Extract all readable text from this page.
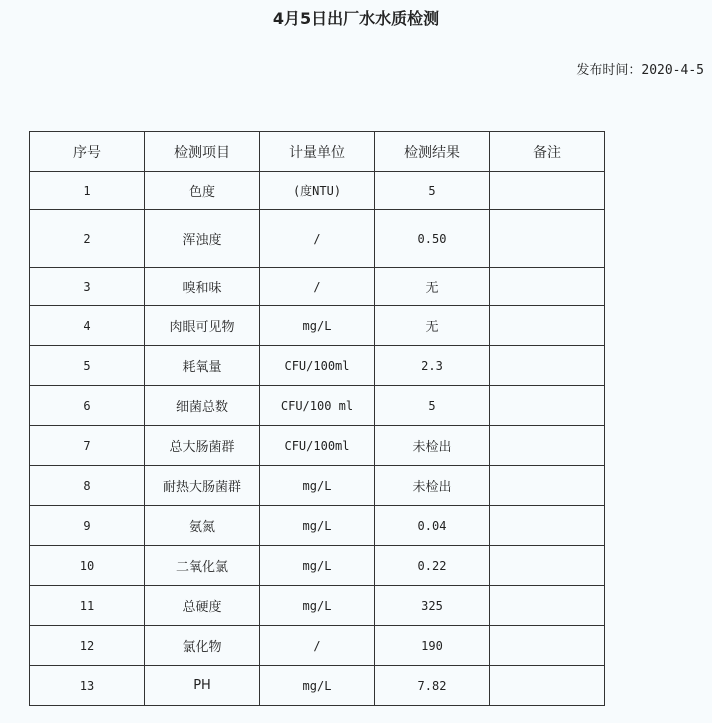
4月5日出厂水水质检测
发布时间：2020-4-5
序号	检测项目	计量单位	检测结果	备注
1	色度	(度NTU)	5	
2	浑浊度	/	0.50	
3	嗅和味	/	无	
4	肉眼可见物	mg/L	无	
5	耗氧量	CFU/100ml	2.3	
6	细菌总数	CFU/100 ml	5	
7	总大肠菌群	CFU/100ml	未检出	
8	耐热大肠菌群	mg/L	未检出	
9	氨氮	mg/L	0.04	
10	二氧化氯	mg/L	0.22	
11	总硬度	mg/L	325	
12	氯化物	/	190	
13	PH	mg/L	7.82	
